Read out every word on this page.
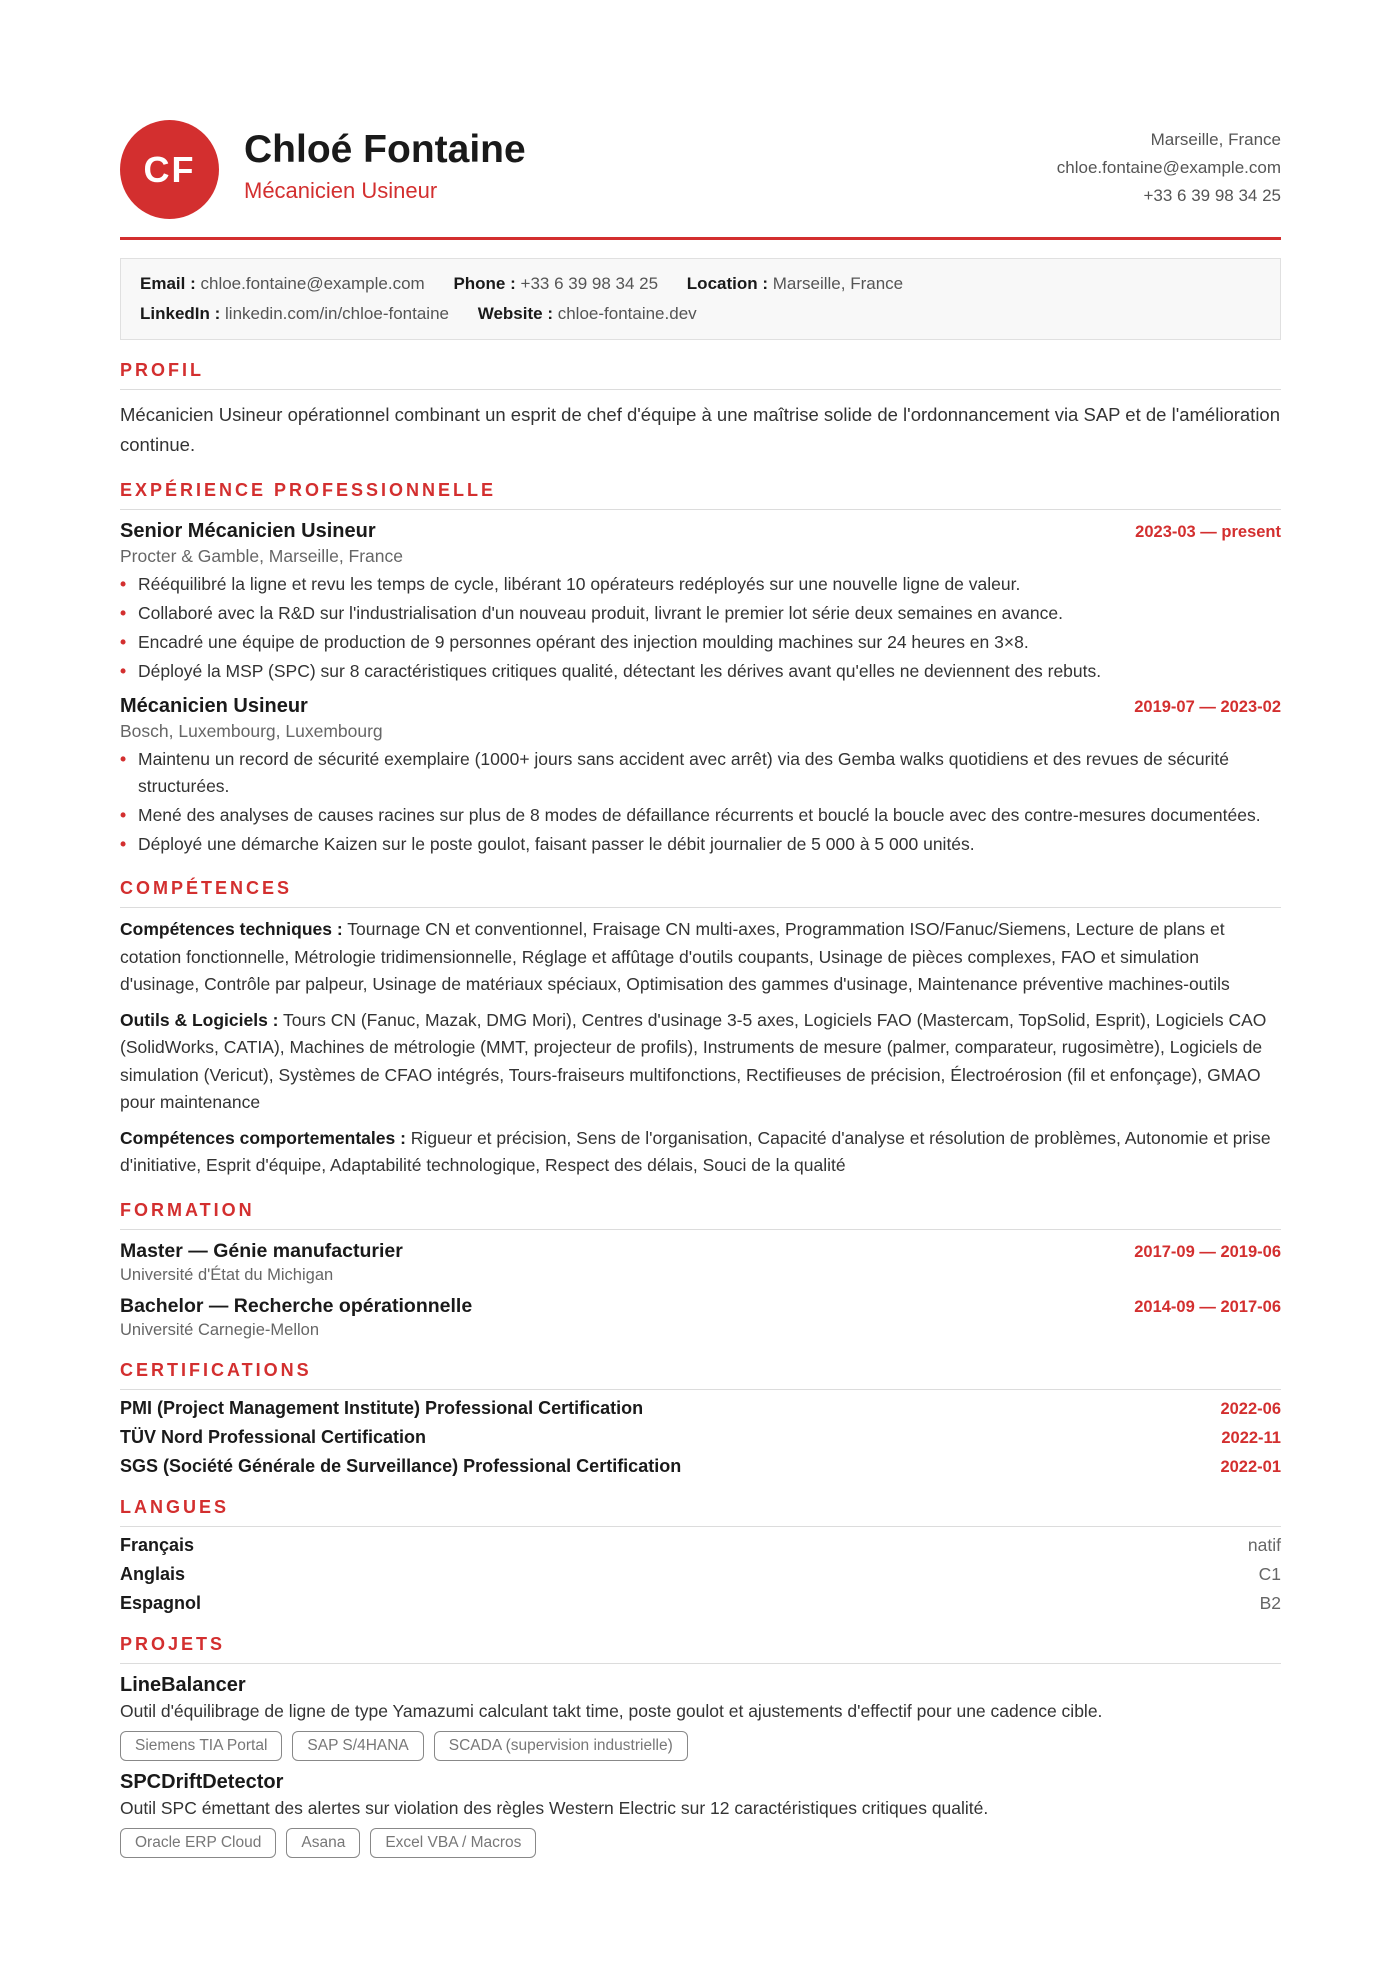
CF	Chloé Fontaine
Mécanicien Usineur
Marseille, France
chloe.fontaine@example.com
+33 6 39 98 34 25
Email : chloe.fontaine@example.com Phone : +33 6 39 98 34 25 Location : Marseille, France
LinkedIn : linkedin.com/in/chloe-fontaine Website : chloe-fontaine.dev
PROFIL
Mécanicien Usineur opérationnel combinant un esprit de chef d'équipe à une maîtrise solide de l'ordonnancement via SAP et de l'amélioration continue.
EXPÉRIENCE PROFESSIONNELLE
Senior Mécanicien Usineur	2023-03 — present
Procter & Gamble, Marseille, France
• Rééquilibré la ligne et revu les temps de cycle, libérant 10 opérateurs redéployés sur une nouvelle ligne de valeur.
• Collaboré avec la R&D sur l'industrialisation d'un nouveau produit, livrant le premier lot série deux semaines en avance.
• Encadré une équipe de production de 9 personnes opérant des injection moulding machines sur 24 heures en 3×8.
• Déployé la MSP (SPC) sur 8 caractéristiques critiques qualité, détectant les dérives avant qu'elles ne deviennent des rebuts.
Mécanicien Usineur	2019-07 — 2023-02
Bosch, Luxembourg, Luxembourg
• Maintenu un record de sécurité exemplaire (1000+ jours sans accident avec arrêt) via des Gemba walks quotidiens et des revues de sécurité structurées.
• Mené des analyses de causes racines sur plus de 8 modes de défaillance récurrents et bouclé la boucle avec des contre-mesures documentées.
• Déployé une démarche Kaizen sur le poste goulot, faisant passer le débit journalier de 5 000 à 5 000 unités.
COMPÉTENCES
Compétences techniques : Tournage CN et conventionnel, Fraisage CN multi-axes, Programmation ISO/Fanuc/Siemens, Lecture de plans et cotation fonctionnelle, Métrologie tridimensionnelle, Réglage et affûtage d'outils coupants, Usinage de pièces complexes, FAO et simulation d'usinage, Contrôle par palpeur, Usinage de matériaux spéciaux, Optimisation des gammes d'usinage, Maintenance préventive machines-outils
Outils & Logiciels : Tours CN (Fanuc, Mazak, DMG Mori), Centres d'usinage 3-5 axes, Logiciels FAO (Mastercam, TopSolid, Esprit), Logiciels CAO (SolidWorks, CATIA), Machines de métrologie (MMT, projecteur de profils), Instruments de mesure (palmer, comparateur, rugosimètre), Logiciels de simulation (Vericut), Systèmes de CFAO intégrés, Tours-fraiseurs multifonctions, Rectifieuses de précision, Électroérosion (fil et enfonçage), GMAO pour maintenance
Compétences comportementales : Rigueur et précision, Sens de l'organisation, Capacité d'analyse et résolution de problèmes, Autonomie et prise d'initiative, Esprit d'équipe, Adaptabilité technologique, Respect des délais, Souci de la qualité
FORMATION
Master — Génie manufacturier	2017-09 — 2019-06
Université d'État du Michigan
Bachelor — Recherche opérationnelle	2014-09 — 2017-06
Université Carnegie-Mellon
CERTIFICATIONS
PMI (Project Management Institute) Professional Certification	2022-06
TÜV Nord Professional Certification	2022-11
SGS (Société Générale de Surveillance) Professional Certification	2022-01
LANGUES
Français	natif
Anglais	C1
Espagnol	B2
PROJETS
LineBalancer
Outil d'équilibrage de ligne de type Yamazumi calculant takt time, poste goulot et ajustements d'effectif pour une cadence cible.
Siemens TIA Portal	SAP S/4HANA	SCADA (supervision industrielle)
SPCDriftDetector
Outil SPC émettant des alertes sur violation des règles Western Electric sur 12 caractéristiques critiques qualité.
Oracle ERP Cloud	Asana	Excel VBA / Macros
